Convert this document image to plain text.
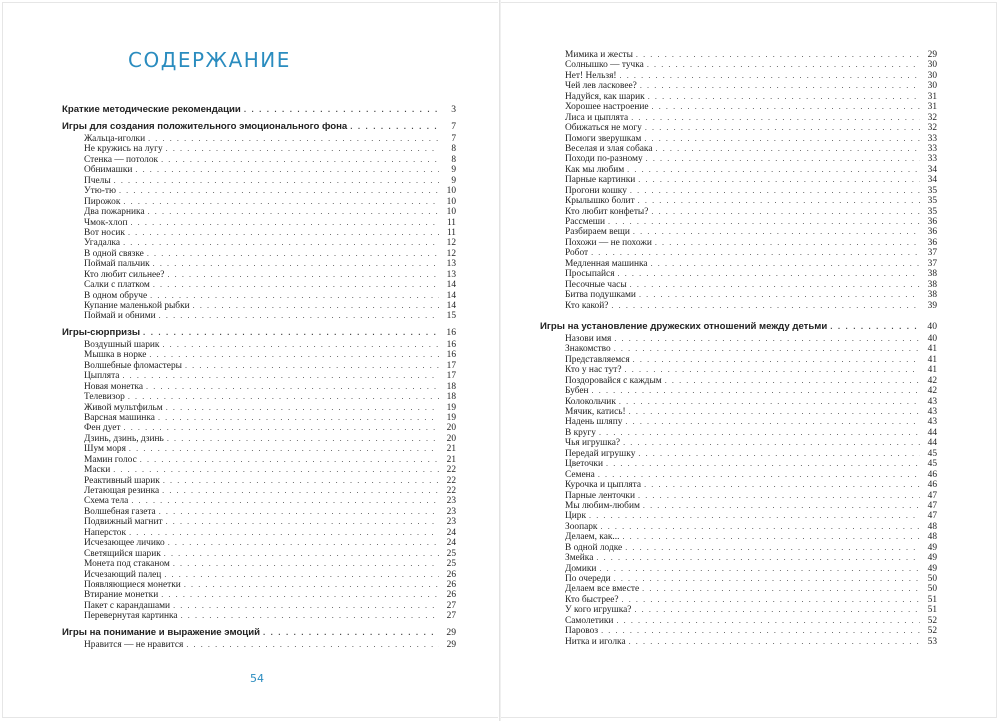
СОДЕРЖАНИЕ
Краткие методические рекомендации . . .	3
Игры для создания положительного эмоционального фона . . .	7
Жальца-иголки . . .	7
Не кружись на лугу . . .	8
Стенка — потолок . . .	8
Обнимашки . . .	9
Пчелы . . .	9
Утю-тю . . .	10
Пирожок . . .	10
Два пожарника . . .	10
Чмок-хлоп . . .	11
Вот носик . . .	11
Угадалка . . .	12
В одной связке . . .	12
Поймай пальчик . . .	13
Кто любит сильнее? . . .	13
Салки с платком . . .	14
В одном обруче . . .	14
Купание маленькой рыбки . . .	14
Поймай и обними . . .	15
Игры-сюрпризы . . .	16
Воздушный шарик . . .	16
Мышка в норке . . .	16
Волшебные фломастеры . . .	17
Цыплята . . .	17
Новая монетка . . .	18
Телевизор . . .	18
Живой мультфильм . . .	19
Варсная машинка . . .	19
Фен дует . . .	20
Дзинь, дзинь, дзинь . . .	20
Шум моря . . .	21
Мамин голос . . .	21
Маски . . .	22
Реактивный шарик . . .	22
Летающая резинка . . .	22
Схема тела . . .	23
Волшебная газета . . .	23
Подвижный магнит . . .	23
Наперсток . . .	24
Исчезающее личико . . .	24
Светящийся шарик . . .	25
Монета под стаканом . . .	25
Исчезающий палец . . .	26
Появляющиеся монетки . . .	26
Втирание монетки . . .	26
Пакет с карандашами . . .	27
Перевернутая картинка . . .	27
Игры на понимание и выражение эмоций . . .	29
Нравится — не нравится . . .	29
Мимика и жесты . . .	29
Солнышко — тучка . . .	30
Нет! Нельзя! . . .	30
Чей лев ласковее? . . .	30
Надуйся, как шарик . . .	31
Хорошее настроение . . .	31
Лиса и цыплята . . .	32
Обижаться не могу . . .	32
Помоги зверушкам . . .	33
Веселая и злая собака . . .	33
Походи по-разному . . .	33
Как мы любим . . .	34
Парные картинки . . .	34
Прогони кошку . . .	35
Крылышко болит . . .	35
Кто любит конфеты? . . .	35
Рассмеши . . .	36
Разбираем вещи . . .	36
Похожи — не похожи . . .	36
Робот . . .	37
Медленная машинка . . .	37
Просыпайся . . .	38
Песочные часы . . .	38
Битва подушками . . .	38
Кто какой? . . .	39
Игры на установление дружеских отношений между детьми . . .	40
Назови имя . . .	40
Знакомство . . .	41
Представляемся . . .	41
Кто у нас тут? . . .	41
Поздоровайся с каждым . . .	42
Бубен . . .	42
Колокольчик . . .	43
Мячик, катись! . . .	43
Надень шляпу . . .	43
В кругу . . .	44
Чья игрушка? . . .	44
Передай игрушку . . .	45
Цветочки . . .	45
Семена . . .	46
Курочка и цыплята . . .	46
Парные ленточки . . .	47
Мы любим-любим . . .	47
Цирк . . .	47
Зоопарк . . .	48
Делаем, как... . . .	48
В одной лодке . . .	49
Змейка . . .	49
Домики . . .	49
По очереди . . .	50
Делаем все вместе . . .	50
Кто быстрее? . . .	51
У кого игрушка? . . .	51
Самолетики . . .	52
Паровоз . . .	52
Нитка и иголка . . .	53
54
